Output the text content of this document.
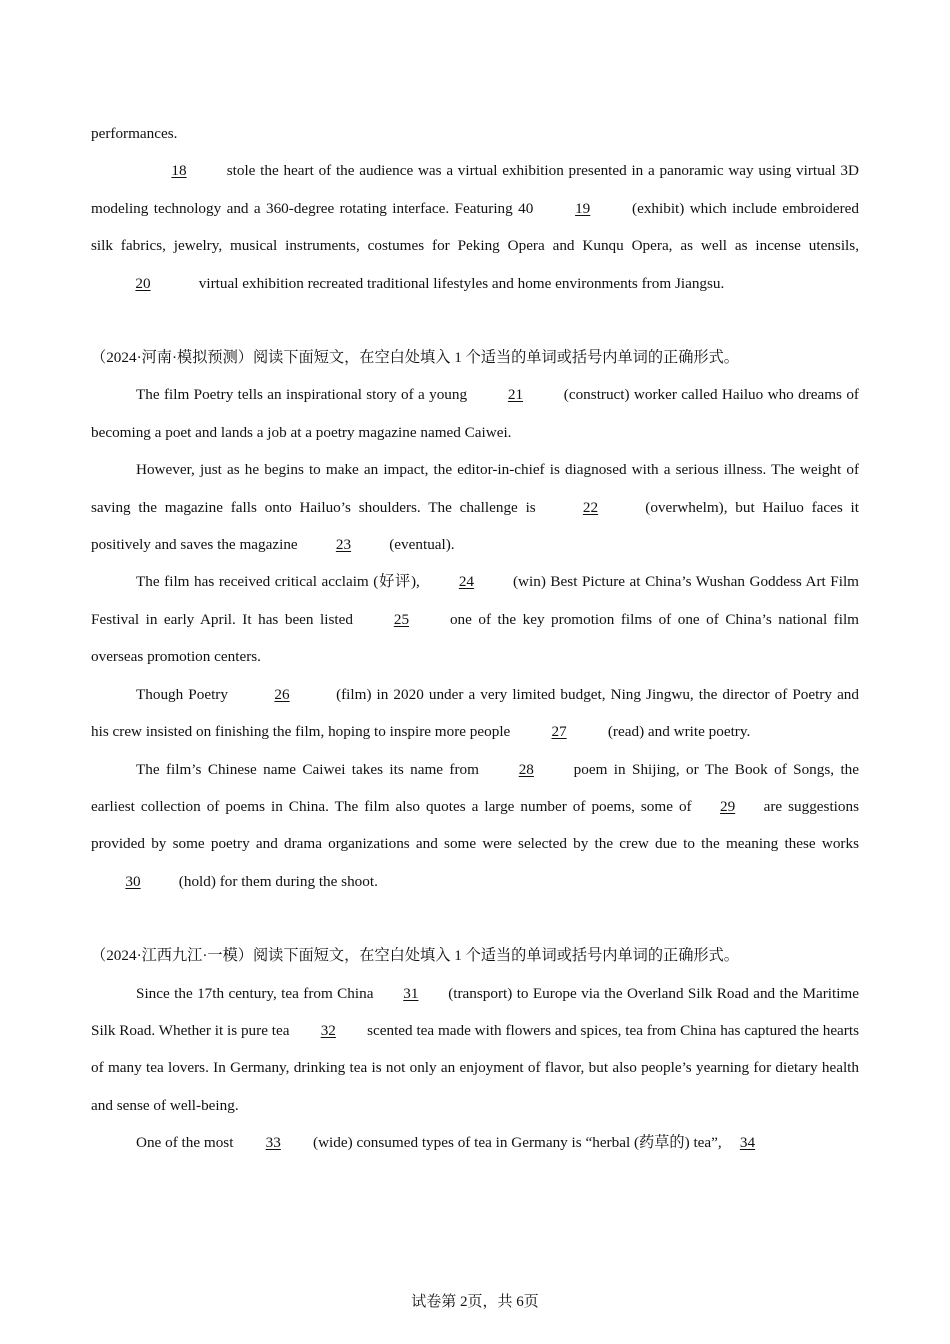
performances.

18 stole the heart of the audience was a virtual exhibition presented in a panoramic way using virtual 3D modeling technology and a 360-degree rotating interface. Featuring 40 19 (exhibit) which include embroidered silk fabrics, jewelry, musical instruments, costumes for Peking Opera and Kunqu Opera, as well as incense utensils, 20	virtual exhibition recreated traditional lifestyles and home environments from Jiangsu.

（2024·河南·模拟预测）阅读下面短文，在空白处填入 1 个适当的单词或括号内单词的正确形式。

The film Poetry tells an inspirational story of a young 21 (construct) worker called Hailuo who dreams of becoming a poet and lands a job at a poetry magazine named Caiwei.

However, just as he begins to make an impact, the editor-in-chief is diagnosed with a serious illness. The weight of saving the magazine falls onto Hailuo’s shoulders. The challenge is	22	(overwhelm), but Hailuo faces it positively and saves the magazine 23 (eventual).

The film has received critical acclaim (好评), 24 (win) Best Picture at China’s Wushan Goddess Art Film Festival in early April. It has been listed 25 one of the key promotion films of one of China’s national film overseas promotion centers.

Though Poetry	26	(film) in 2020 under a very limited budget, Ning Jingwu, the director of Poetry and his crew insisted on finishing the film, hoping to inspire more people 27 (read) and write poetry.

The film’s Chinese name Caiwei takes its name from 28 poem in Shijing, or The Book of Songs, the earliest collection of poems in China. The film also quotes a large number of poems, some of 29 are suggestions provided by some poetry and drama organizations and some were selected by the crew due to the meaning these works 30 (hold) for them during the shoot.

（2024·江西九江·一模）阅读下面短文，在空白处填入 1 个适当的单词或括号内单词的正确形式。

Since the 17th century, tea from China 31 (transport) to Europe via the Overland Silk Road and the Maritime Silk Road. Whether it is pure tea 32 scented tea made with flowers and spices, tea from China has captured the hearts of many tea lovers. In Germany, drinking tea is not only an enjoyment of flavor, but also people’s yearning for dietary health and sense of well-being.

One of the most 33 (wide) consumed types of tea in Germany is “herbal (药草的) tea”, 34

试卷第 2页，共 6页
